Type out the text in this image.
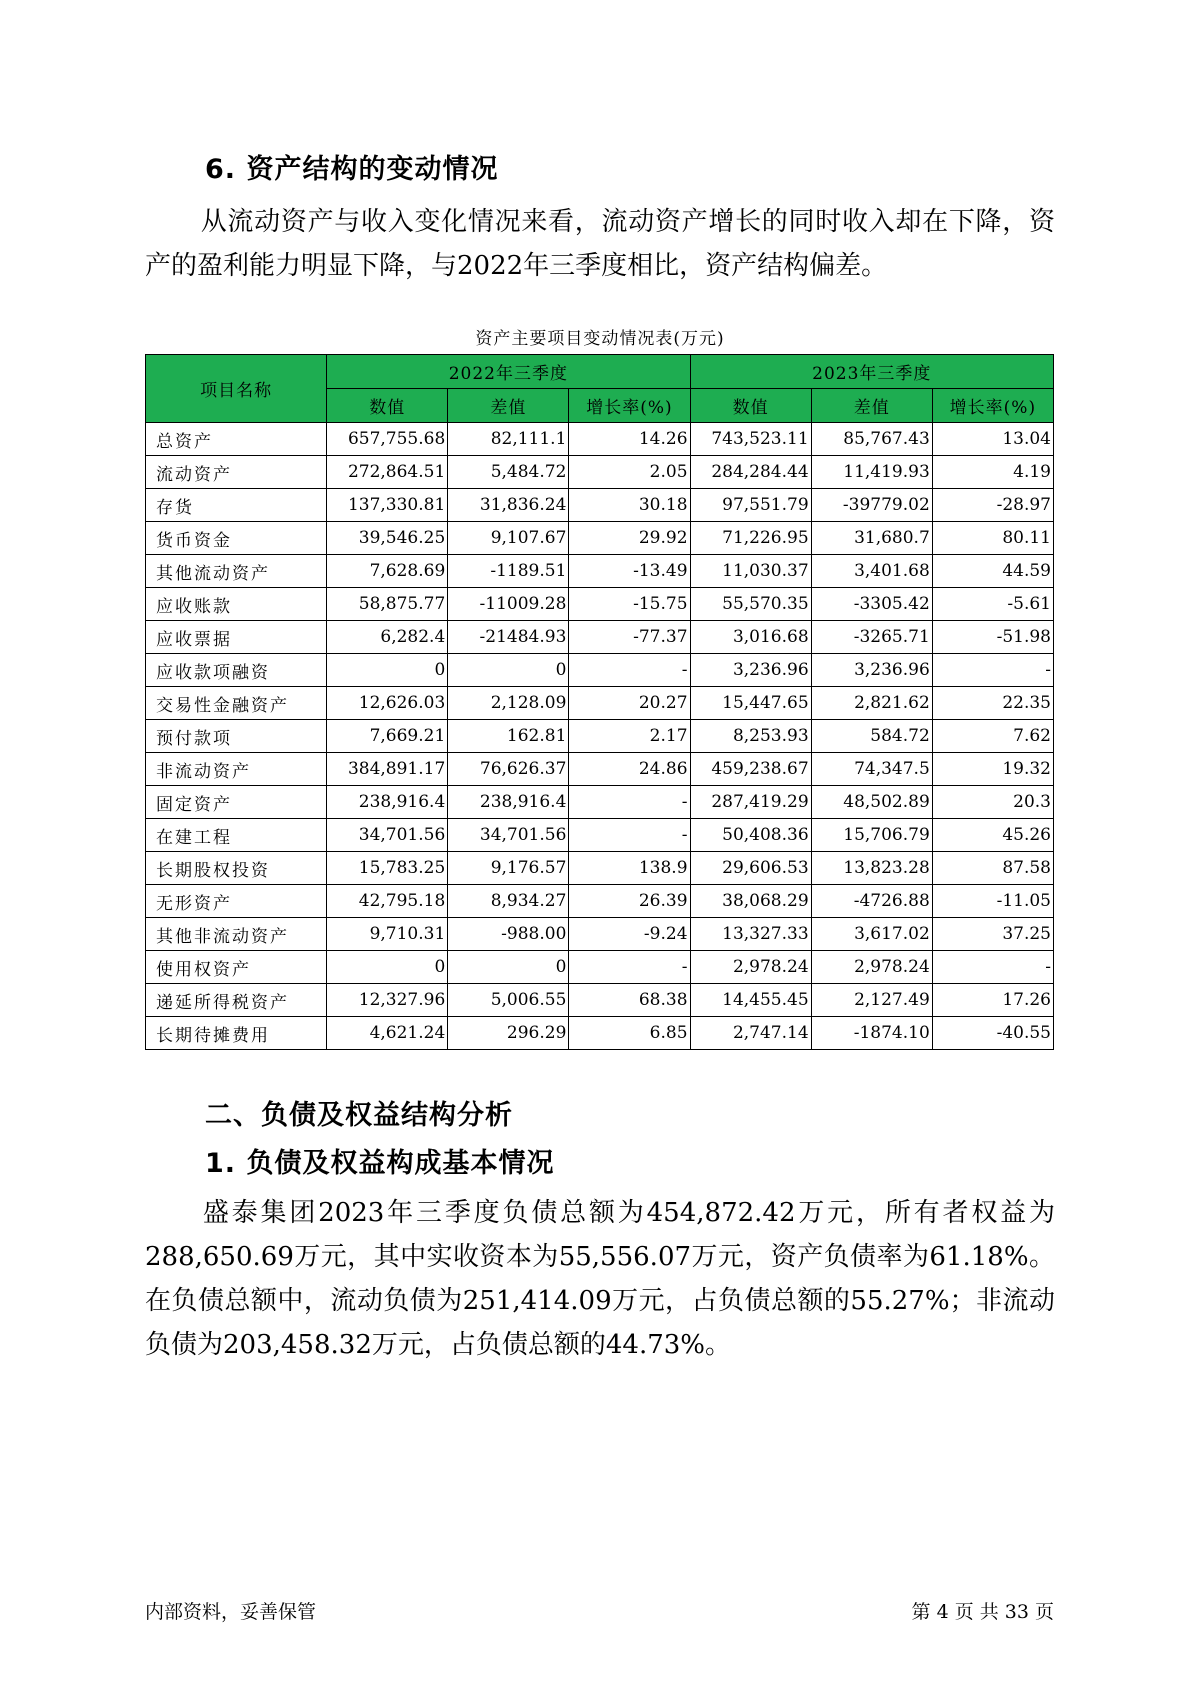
6. 资产结构的变动情况

从流动资产与收入变化情况来看，流动资产增长的同时收入却在下降，资产的盈利能力明显下降，与2022年三季度相比，资产结构偏差。

资产主要项目变动情况表(万元)
项目名称	2022年三季度			2023年三季度		
	数值	差值	增长率(%)	数值	差值	增长率(%)
总资产	657,755.68	82,111.1	14.26	743,523.11	85,767.43	13.04
流动资产	272,864.51	5,484.72	2.05	284,284.44	11,419.93	4.19
存货	137,330.81	31,836.24	30.18	97,551.79	-39779.02	-28.97
货币资金	39,546.25	9,107.67	29.92	71,226.95	31,680.7	80.11
其他流动资产	7,628.69	-1189.51	-13.49	11,030.37	3,401.68	44.59
应收账款	58,875.77	-11009.28	-15.75	55,570.35	-3305.42	-5.61
应收票据	6,282.4	-21484.93	-77.37	3,016.68	-3265.71	-51.98
应收款项融资	0	0	-	3,236.96	3,236.96	-
交易性金融资产	12,626.03	2,128.09	20.27	15,447.65	2,821.62	22.35
预付款项	7,669.21	162.81	2.17	8,253.93	584.72	7.62
非流动资产	384,891.17	76,626.37	24.86	459,238.67	74,347.5	19.32
固定资产	238,916.4	238,916.4	-	287,419.29	48,502.89	20.3
在建工程	34,701.56	34,701.56	-	50,408.36	15,706.79	45.26
长期股权投资	15,783.25	9,176.57	138.9	29,606.53	13,823.28	87.58
无形资产	42,795.18	8,934.27	26.39	38,068.29	-4726.88	-11.05
其他非流动资产	9,710.31	-988.00	-9.24	13,327.33	3,617.02	37.25
使用权资产	0	0	-	2,978.24	2,978.24	-
递延所得税资产	12,327.96	5,006.55	68.38	14,455.45	2,127.49	17.26
长期待摊费用	4,621.24	296.29	6.85	2,747.14	-1874.10	-40.55
二、负债及权益结构分析
1. 负债及权益构成基本情况

盛泰集团2023年三季度负债总额为454,872.42万元，所有者权益为288,650.69万元，其中实收资本为55,556.07万元，资产负债率为61.18%。在负债总额中，流动负债为251,414.09万元，占负债总额的55.27%；非流动负债为203,458.32万元，占负债总额的44.73%。

内部资料，妥善保管	第 4 页 共 33 页
